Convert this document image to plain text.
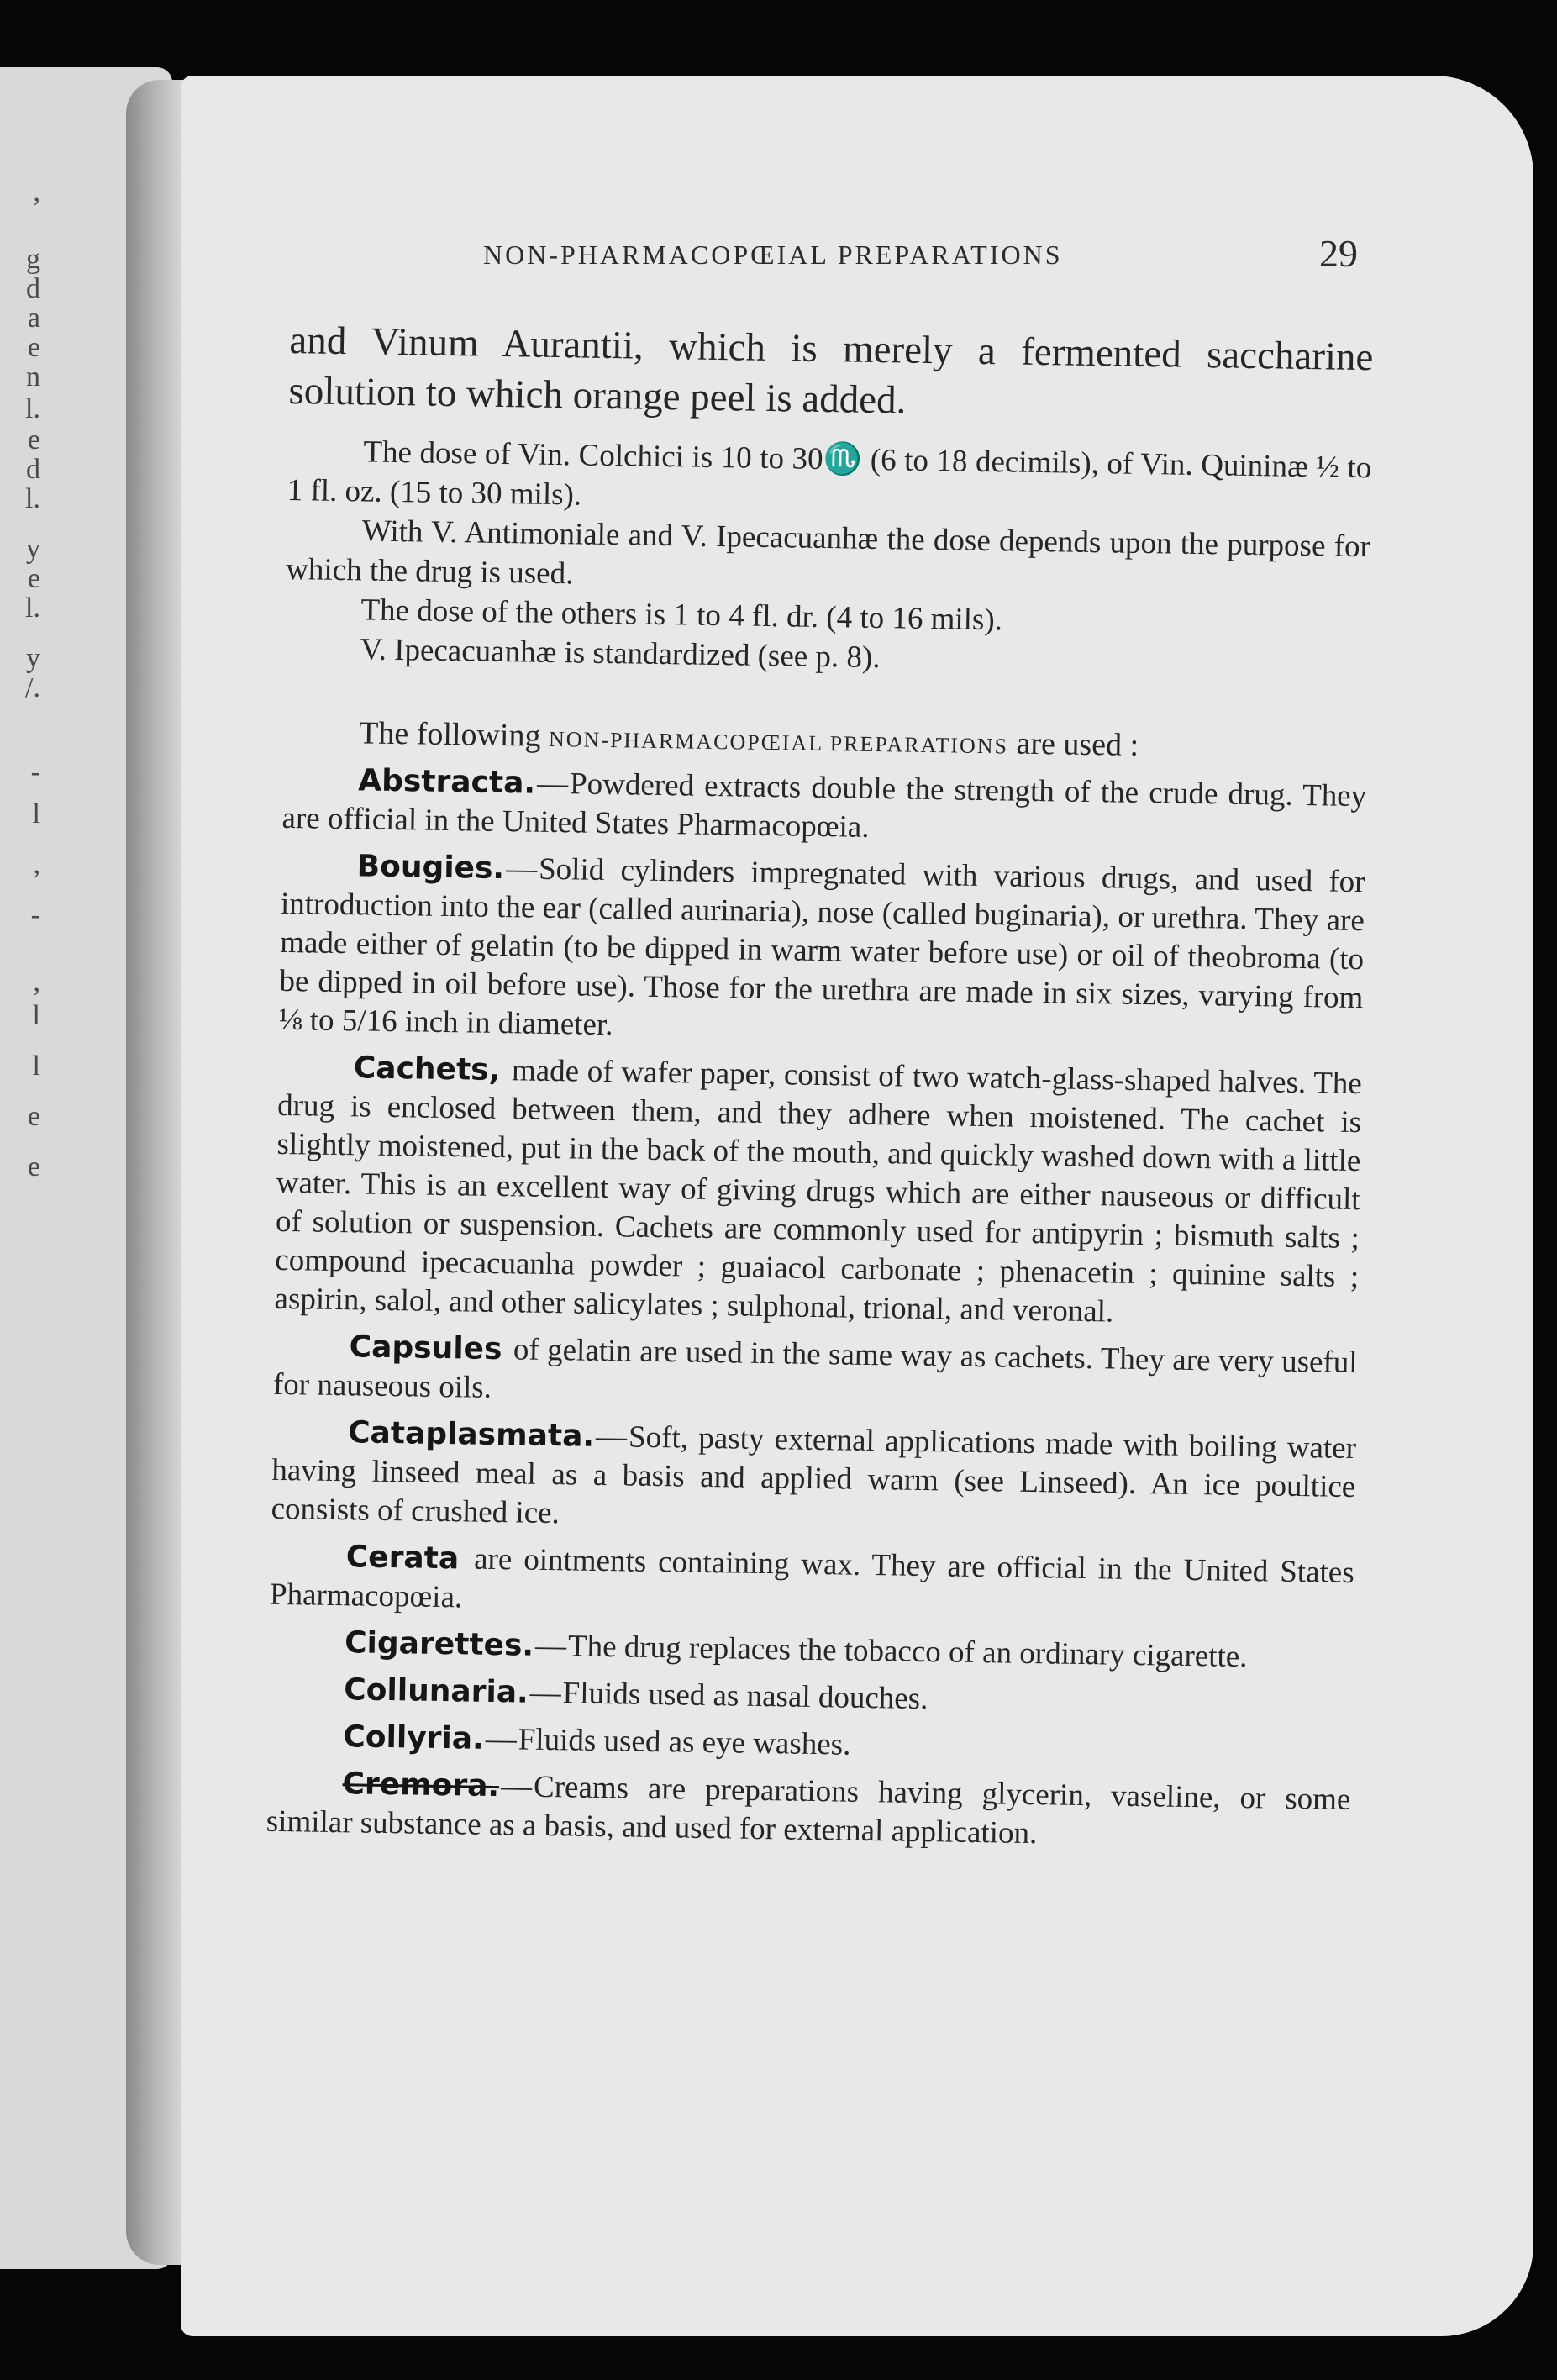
,
g
d
a
e
n
l.
e
d
l.
y
e
l.
y
/.
-
l
,
-
,
l
l
e
e
NON-PHARMACOPŒIAL PREPARATIONS	29

and Vinum Aurantii, which is merely a fermented saccharine solution to which orange peel is added.

The dose of Vin. Colchici is 10 to 30♏ (6 to 18 decimils), of Vin. Quininæ ½ to 1 fl. oz. (15 to 30 mils).

With V. Antimoniale and V. Ipecacuanhæ the dose depends upon the purpose for which the drug is used.

The dose of the others is 1 to 4 fl. dr. (4 to 16 mils).

V. Ipecacuanhæ is standardized (see p. 8).

The following NON-PHARMACOPŒIAL PREPARATIONS are used :

Abstracta.—Powdered extracts double the strength of the crude drug. They are official in the United States Pharmacopœia.

Bougies.—Solid cylinders impregnated with various drugs, and used for introduction into the ear (called aurinaria), nose (called buginaria), or urethra. They are made either of gelatin (to be dipped in warm water before use) or oil of theobroma (to be dipped in oil before use). Those for the urethra are made in six sizes, varying from ⅛ to 5/16 inch in diameter.

Cachets, made of wafer paper, consist of two watch-glass-shaped halves. The drug is enclosed between them, and they adhere when moistened. The cachet is slightly moistened, put in the back of the mouth, and quickly washed down with a little water. This is an excellent way of giving drugs which are either nauseous or difficult of solution or suspension. Cachets are commonly used for antipyrin ; bismuth salts ; compound ipecacuanha powder ; guaiacol carbonate ; phenacetin ; quinine salts ; aspirin, salol, and other salicylates ; sulphonal, trional, and veronal.

Capsules of gelatin are used in the same way as cachets. They are very useful for nauseous oils.

Cataplasmata.—Soft, pasty external applications made with boiling water having linseed meal as a basis and applied warm (see Linseed). An ice poultice consists of crushed ice.

Cerata are ointments containing wax. They are official in the United States Pharmacopœia.

Cigarettes.—The drug replaces the tobacco of an ordinary cigarette.

Collunaria.—Fluids used as nasal douches.

Collyria.—Fluids used as eye washes.

Cremora.—Creams are preparations having glycerin, vaseline, or some similar substance as a basis, and used for external application.
